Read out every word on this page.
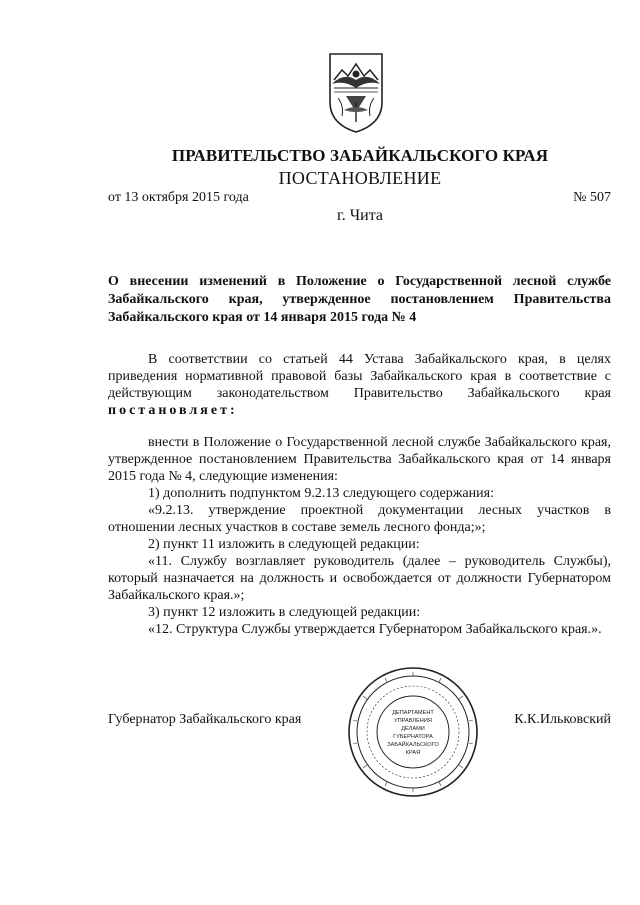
ПРАВИТЕЛЬСТВО ЗАБАЙКАЛЬСКОГО КРАЯ
ПОСТАНОВЛЕНИЕ
от 13 октября 2015 года	№ 507
г. Чита
О внесении изменений в Положение о Государственной лесной службе Забайкальского края, утвержденное постановлением Правительства Забайкальского края от 14 января 2015 года № 4

В соответствии со статьей 44 Устава Забайкальского края, в целях приведения нормативной правовой базы Забайкальского края в соответствие с действующим законодательством Правительство Забайкальского края постановляет:

внести в Положение о Государственной лесной службе Забайкальского края, утвержденное постановлением Правительства Забайкальского края от 14 января 2015 года № 4, следующие изменения:

1) дополнить подпунктом 9.2.13 следующего содержания:

«9.2.13. утверждение проектной документации лесных участков в отношении лесных участков в составе земель лесного фонда;»;

2) пункт 11 изложить в следующей редакции:

«11. Службу возглавляет руководитель (далее – руководитель Службы), который назначается на должность и освобождается от должности Губернатором Забайкальского края.»;

3) пункт 12 изложить в следующей редакции:

«12. Структура Службы утверждается Губернатором Забайкальского края.».

Губернатор Забайкальского края	К.К.Ильковский
ДЕПАРТАМЕНТ
УПРАВЛЕНИЯ
ДЕЛАМИ
ГУБЕРНАТОРА
ЗАБАЙКАЛЬСКОГО
КРАЯ
